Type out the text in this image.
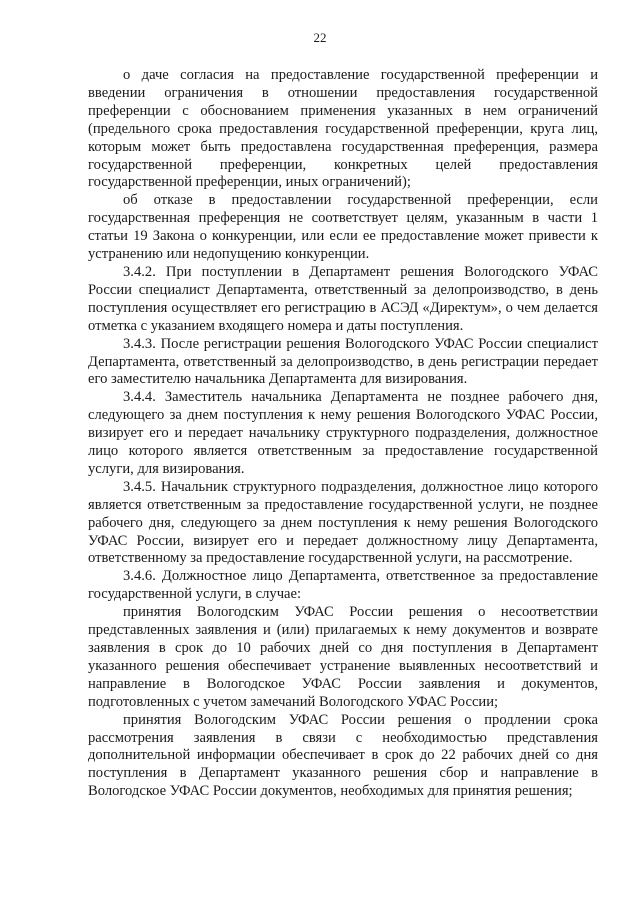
22

о даче согласия на предоставление государственной преференции и введении ограничения в отношении предоставления государственной преференции с обоснованием применения указанных в нем ограничений (предельного срока предоставления государственной преференции, круга лиц, которым может быть предоставлена государственная преференция, размера государственной преференции, конкретных целей предоставления государственной преференции, иных ограничений);

об отказе в предоставлении государственной преференции, если государственная преференция не соответствует целям, указанным в части 1 статьи 19 Закона о конкуренции, или если ее предоставление может привести к устранению или недопущению конкуренции.

3.4.2. При поступлении в Департамент решения Вологодского УФАС России специалист Департамента, ответственный за делопроизводство, в день поступления осуществляет его регистрацию в АСЭД «Директум», о чем делается отметка с указанием входящего номера и даты поступления.

3.4.3. После регистрации решения Вологодского УФАС России специалист Департамента, ответственный за делопроизводство, в день регистрации передает его заместителю начальника Департамента для визирования.

3.4.4. Заместитель начальника Департамента не позднее рабочего дня, следующего за днем поступления к нему решения Вологодского УФАС России, визирует его и передает начальнику структурного подразделения, должностное лицо которого является ответственным за предоставление государственной услуги, для визирования.

3.4.5. Начальник структурного подразделения, должностное лицо которого является ответственным за предоставление государственной услуги, не позднее рабочего дня, следующего за днем поступления к нему решения Вологодского УФАС России, визирует его и передает должностному лицу Департамента, ответственному за предоставление государственной услуги, на рассмотрение.

3.4.6. Должностное лицо Департамента, ответственное за предоставление государственной услуги, в случае:

принятия Вологодским УФАС России решения о несоответствии представленных заявления и (или) прилагаемых к нему документов и возврате заявления в срок до 10 рабочих дней со дня поступления в Департамент указанного решения обеспечивает устранение выявленных несоответствий и направление в Вологодское УФАС России заявления и документов, подготовленных с учетом замечаний Вологодского УФАС России;

принятия Вологодским УФАС России решения о продлении срока рассмотрения заявления в связи с необходимостью представления дополнительной информации обеспечивает в срок до 22 рабочих дней со дня поступления в Департамент указанного решения сбор и направление в Вологодское УФАС России документов, необходимых для принятия решения;
